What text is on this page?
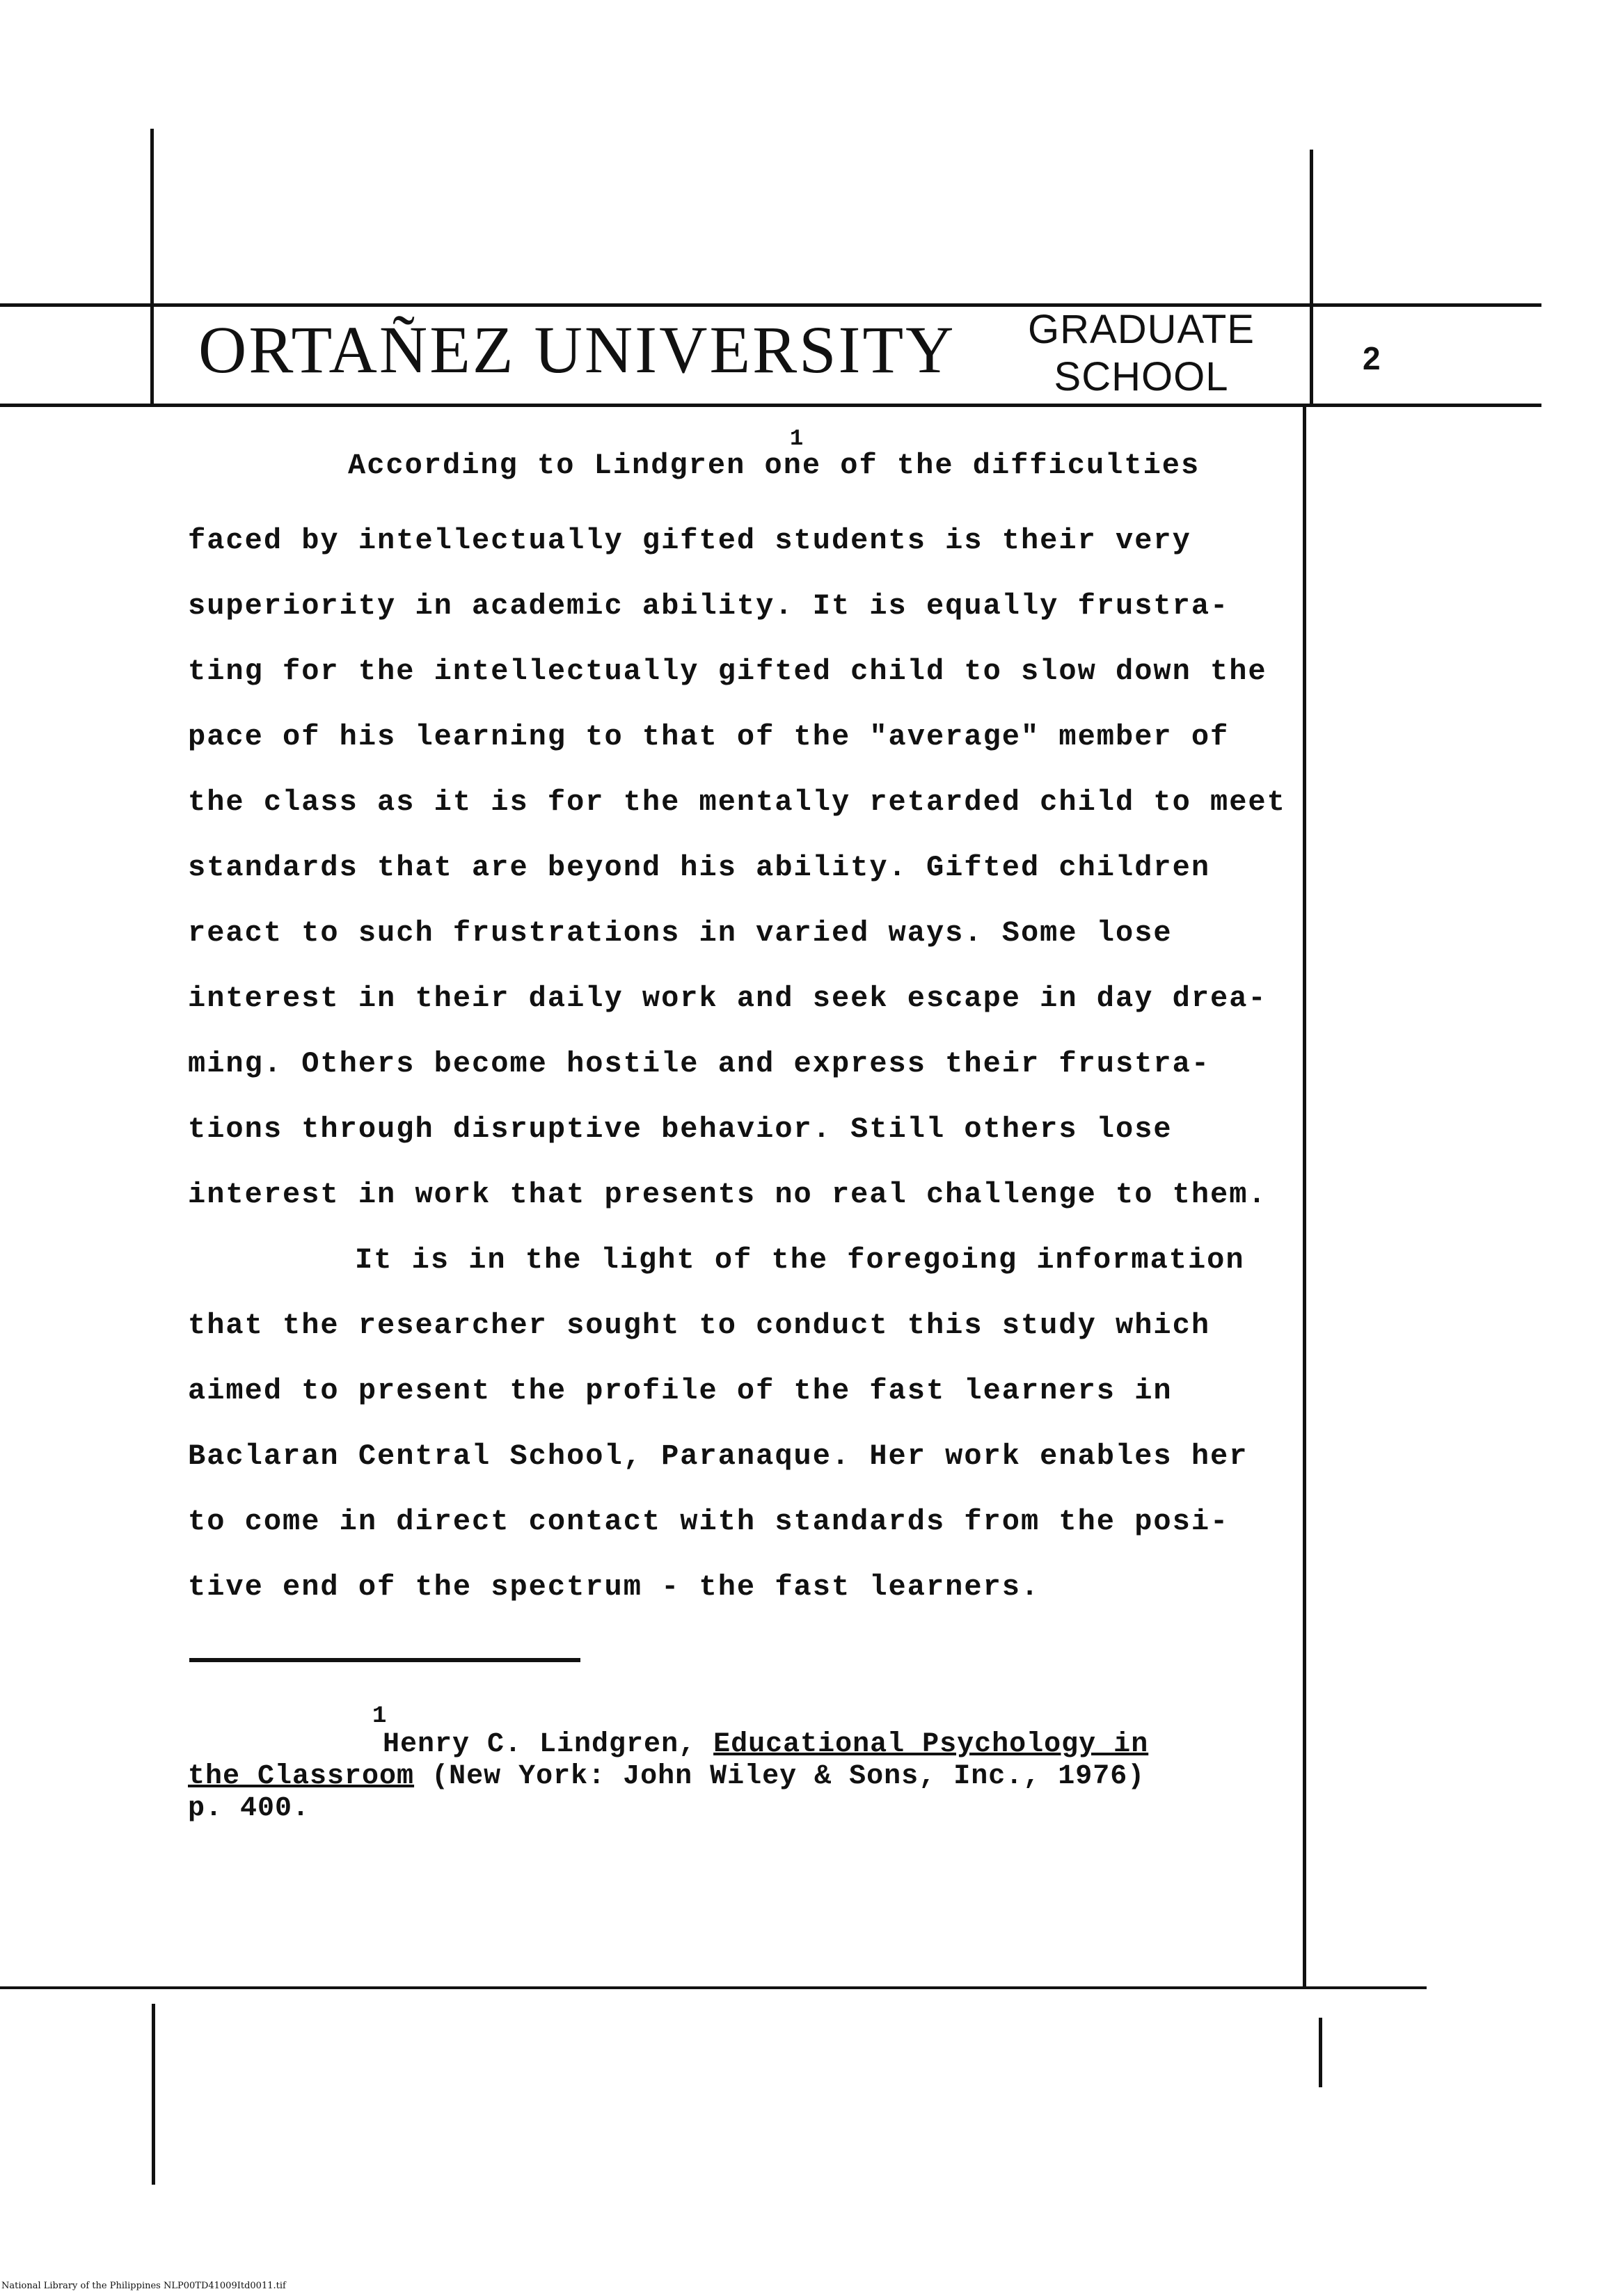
ORTAÑEZ UNIVERSITY GRADUATE
SCHOOL	2
According to Lindgren one of the difficulties
1
faced by intellectually gifted students is their very
superiority in academic ability. It is equally frustra-
ting for the intellectually gifted child to slow down the
pace of his learning to that of the "average" member of
the class as it is for the mentally retarded child to meet
standards that are beyond his ability. Gifted children
react to such frustrations in varied ways. Some lose
interest in their daily work and seek escape in day drea-
ming. Others become hostile and express their frustra-
tions through disruptive behavior. Still others lose
interest in work that presents no real challenge to them.
It is in the light of the foregoing information
that the researcher sought to conduct this study which
aimed to present the profile of the fast learners in
Baclaran Central School, Paranaque. Her work enables her
to come in direct contact with standards from the posi-
tive end of the spectrum - the fast learners.
1
Henry C. Lindgren, Educational Psychology in
the Classroom (New York: John Wiley & Sons, Inc., 1976)
p. 400.
National Library of the Philippines NLP00TD41009Itd0011.tif
